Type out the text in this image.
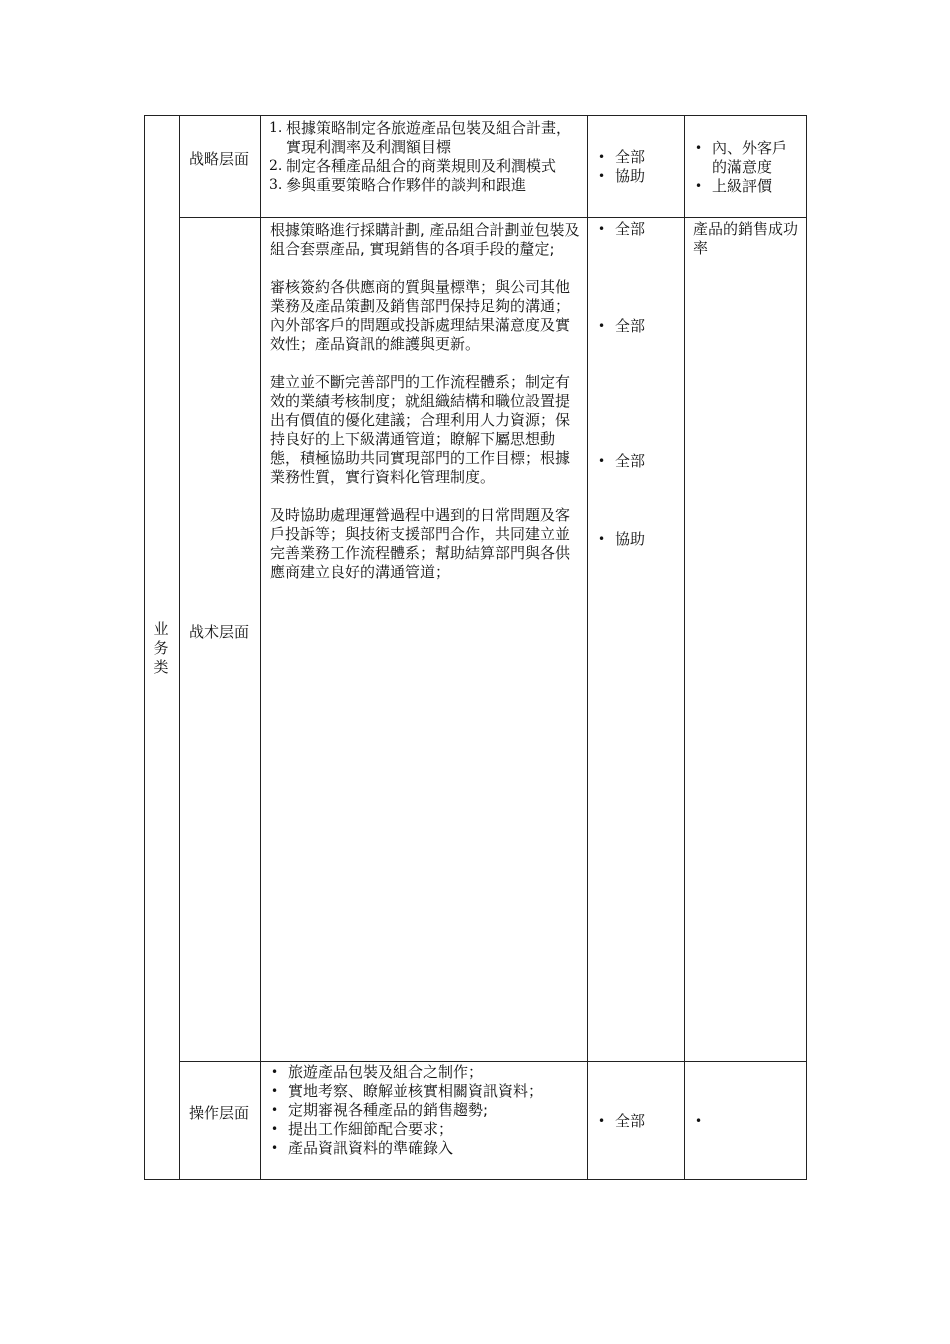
业务类
战略层面
战术层面
操作层面
1. 根據策略制定各旅遊產品包裝及組合計畫，實現利潤率及利潤額目標
2. 制定各種產品組合的商業規則及利潤模式
3. 參與重要策略合作夥伴的談判和跟進
• 全部
• 協助
• 內、外客戶的滿意度
• 上級評價

根據策略進行採購計劃, 產品組合計劃並包裝及組合套票產品, 實現銷售的各項手段的釐定;

審核簽約各供應商的質與量標準；與公司其他業務及產品策劃及銷售部門保持足夠的溝通；內外部客戶的問題或投訴處理結果滿意度及實效性；產品資訊的維護與更新。

建立並不斷完善部門的工作流程體系；制定有效的業績考核制度；就組織結構和職位設置提出有價值的優化建議；合理利用人力資源；保持良好的上下級溝通管道；瞭解下屬思想動態，積極協助共同實現部門的工作目標；根據業務性質，實行資料化管理制度。

及時協助處理運營過程中遇到的日常問題及客戶投訴等；與技術支援部門合作，共同建立並完善業務工作流程體系；幫助結算部門與各供應商建立良好的溝通管道；

• 全部
• 全部
• 全部
• 協助
產品的銷售成功率
• 旅遊產品包裝及組合之制作；
• 實地考察、瞭解並核實相關資訊資料；
• 定期審視各種產品的銷售趨勢;
• 提出工作細節配合要求；
• 產品資訊資料的準確錄入
• 全部
